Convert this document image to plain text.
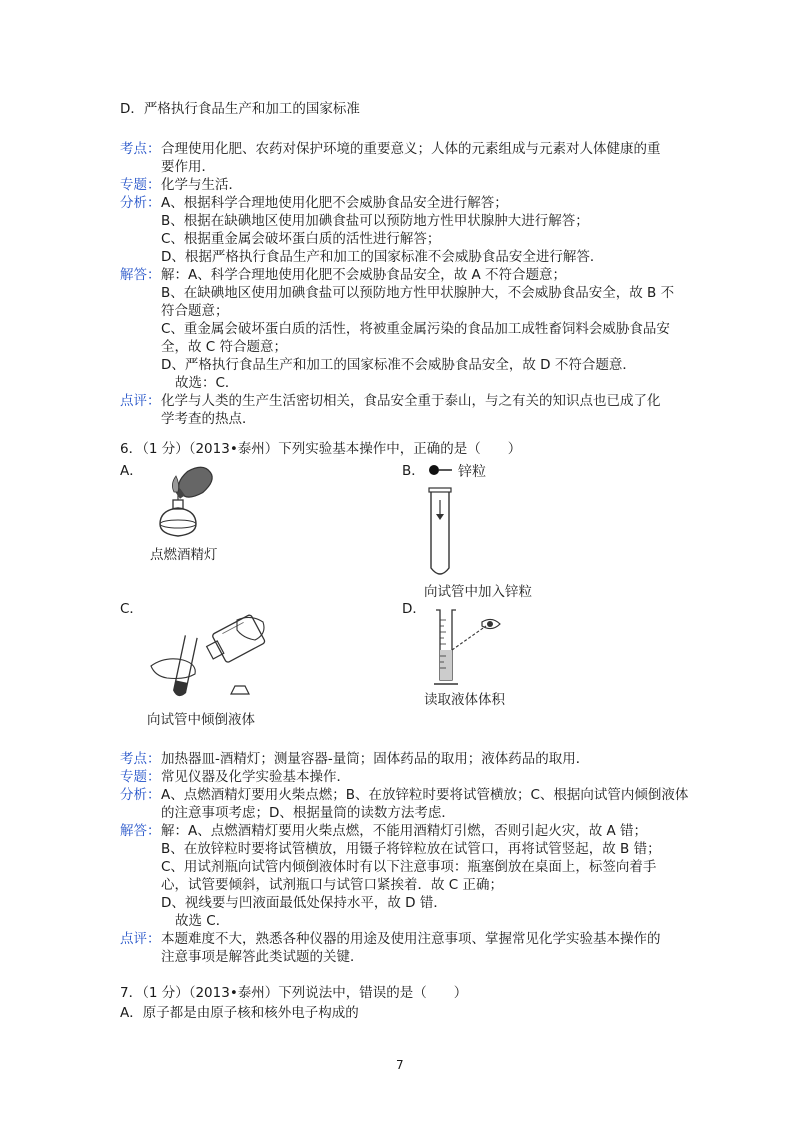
D．严格执行食品生产和加工的国家标准
考点： 合理使用化肥、农药对保护环境的重要意义；人体的元素组成与元素对人体健康的重
要作用．
专题： 化学与生活．
分析： A、根据科学合理地使用化肥不会威胁食品安全进行解答；
B、根据在缺碘地区使用加碘食盐可以预防地方性甲状腺肿大进行解答；
C、根据重金属会破坏蛋白质的活性进行解答；
D、根据严格执行食品生产和加工的国家标准不会威胁食品安全进行解答．
解答： 解：A、科学合理地使用化肥不会威胁食品安全，故 A 不符合题意；
B、在缺碘地区使用加碘食盐可以预防地方性甲状腺肿大，不会威胁食品安全，故 B 不
符合题意；
C、重金属会破坏蛋白质的活性，将被重金属污染的食品加工成牲畜饲料会威胁食品安
全，故 C 符合题意；
D、严格执行食品生产和加工的国家标准不会威胁食品安全，故 D 不符合题意．
故选：C．
点评： 化学与人类的生产生活密切相关，食品安全重于泰山，与之有关的知识点也已成了化
学考查的热点．
6．（1 分）（2013•泰州）下列实验基本操作中，正确的是（　　）
A．
点燃酒精灯
B． 锌粒
向试管中加入锌粒
C．
向试管中倾倒液体
D．
读取液体体积
考点： 加热器皿-酒精灯；测量容器-量筒；固体药品的取用；液体药品的取用．
专题： 常见仪器及化学实验基本操作．
分析： A、点燃酒精灯要用火柴点燃；B、在放锌粒时要将试管横放；C、根据向试管内倾倒液体
的注意事项考虑；D、根据量筒的读数方法考虑．
解答： 解：A、点燃酒精灯要用火柴点燃，不能用酒精灯引燃，否则引起火灾，故 A 错；
B、在放锌粒时要将试管横放，用镊子将锌粒放在试管口，再将试管竖起，故 B 错；
C、用试剂瓶向试管内倾倒液体时有以下注意事项：瓶塞倒放在桌面上，标签向着手
心，试管要倾斜，试剂瓶口与试管口紧挨着．故 C 正确；
D、视线要与凹液面最低处保持水平，故 D 错．
故选 C．
点评： 本题难度不大，熟悉各种仪器的用途及使用注意事项、掌握常见化学实验基本操作的
注意事项是解答此类试题的关键．
7．（1 分）（2013•泰州）下列说法中，错误的是（　　）
A．原子都是由原子核和核外电子构成的
7
